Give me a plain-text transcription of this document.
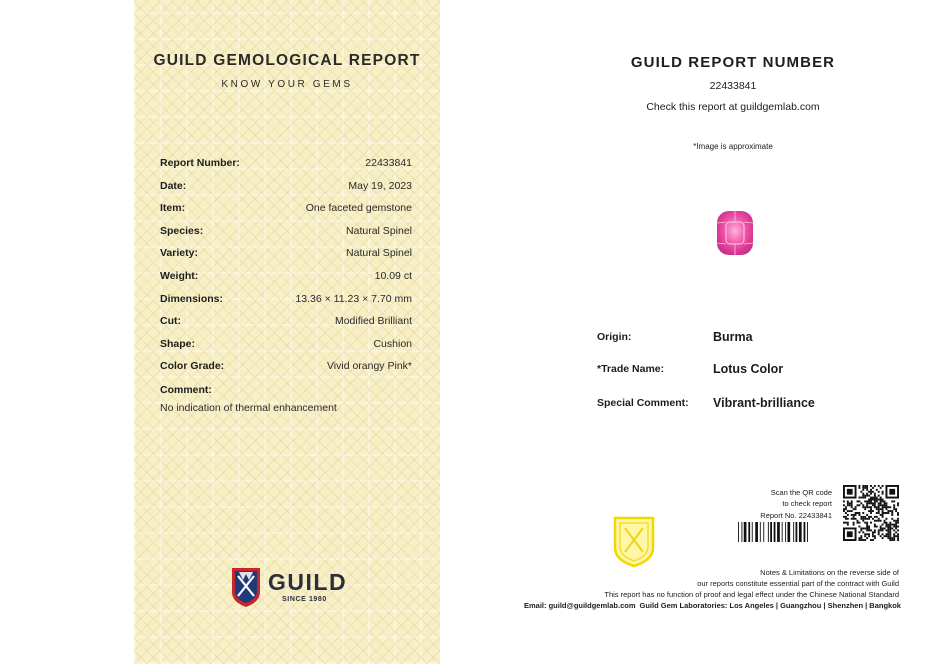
GUILD GEMOLOGICAL REPORT
KNOW YOUR GEMS
Report Number:	22433841
Date:	May 19, 2023
Item:	One faceted gemstone
Species:	Natural Spinel
Variety:	Natural Spinel
Weight:	10.09 ct
Dimensions:	13.36 × 11.23 × 7.70 mm
Cut:	Modified Brilliant
Shape:	Cushion
Color Grade:	Vivid orangy Pink*
Comment:
No indication of thermal enhancement
GUILD
SINCE 1980
GUILD REPORT NUMBER
22433841
Check this report at guildgemlab.com
*Image is approximate
Origin:	Burma
*Trade Name:	Lotus Color
Special Comment: Vibrant-brilliance
Scan the QR code
to check report
Report No. 22433841
Notes & Limitations on the reverse side of
our reports constitute essential part of the contract with Guild
This report has no function of proof and legal effect under the Chinese National Standard
Email: guild@guildgemlab.com Guild Gem Laboratories: Los Angeles | Guangzhou | Shenzhen | Bangkok
